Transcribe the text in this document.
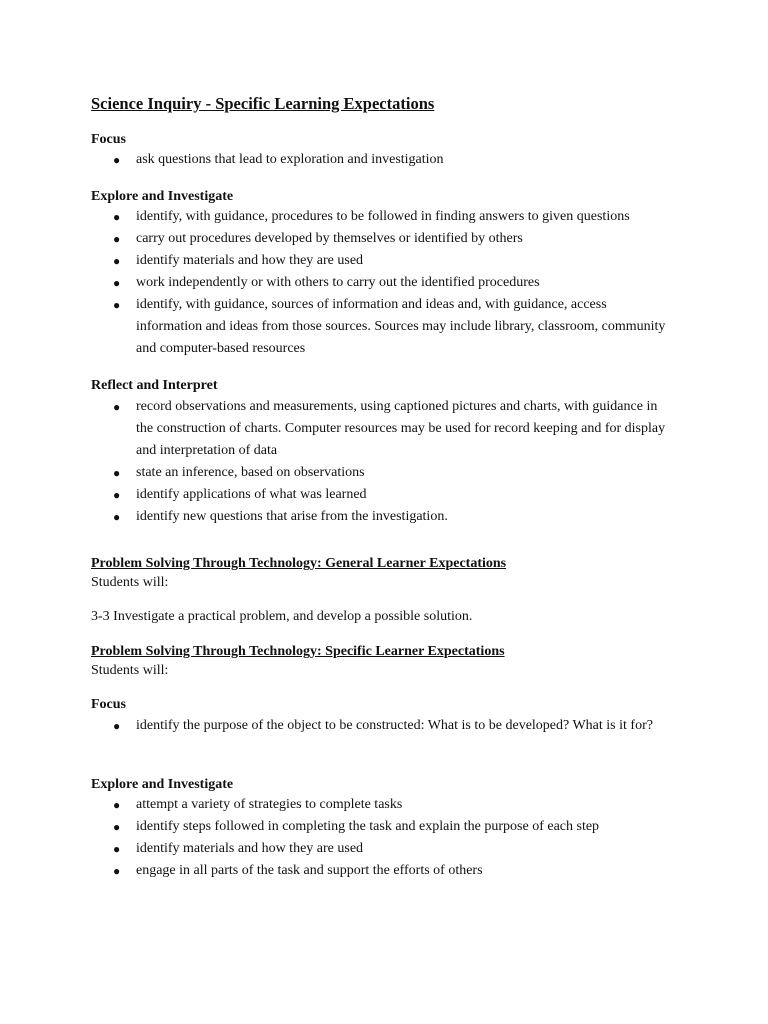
Science Inquiry - Specific Learning Expectations
Focus
● ask questions that lead to exploration and investigation
Explore and Investigate
● identify, with guidance, procedures to be followed in finding answers to given questions
● carry out procedures developed by themselves or identified by others
● identify materials and how they are used
● work independently or with others to carry out the identified procedures
● identify, with guidance, sources of information and ideas and, with guidance, access information and ideas from those sources. Sources may include library, classroom, community and computer-based resources
Reflect and Interpret
● record observations and measurements, using captioned pictures and charts, with guidance in the construction of charts. Computer resources may be used for record keeping and for display and interpretation of data
● state an inference, based on observations
● identify applications of what was learned
● identify new questions that arise from the investigation.
Problem Solving Through Technology: General Learner Expectations
Students will:
3-3 Investigate a practical problem, and develop a possible solution.
Problem Solving Through Technology: Specific Learner Expectations
Students will:
Focus
● identify the purpose of the object to be constructed: What is to be developed? What is it for?
Explore and Investigate
● attempt a variety of strategies to complete tasks
● identify steps followed in completing the task and explain the purpose of each step
● identify materials and how they are used
● engage in all parts of the task and support the efforts of others
